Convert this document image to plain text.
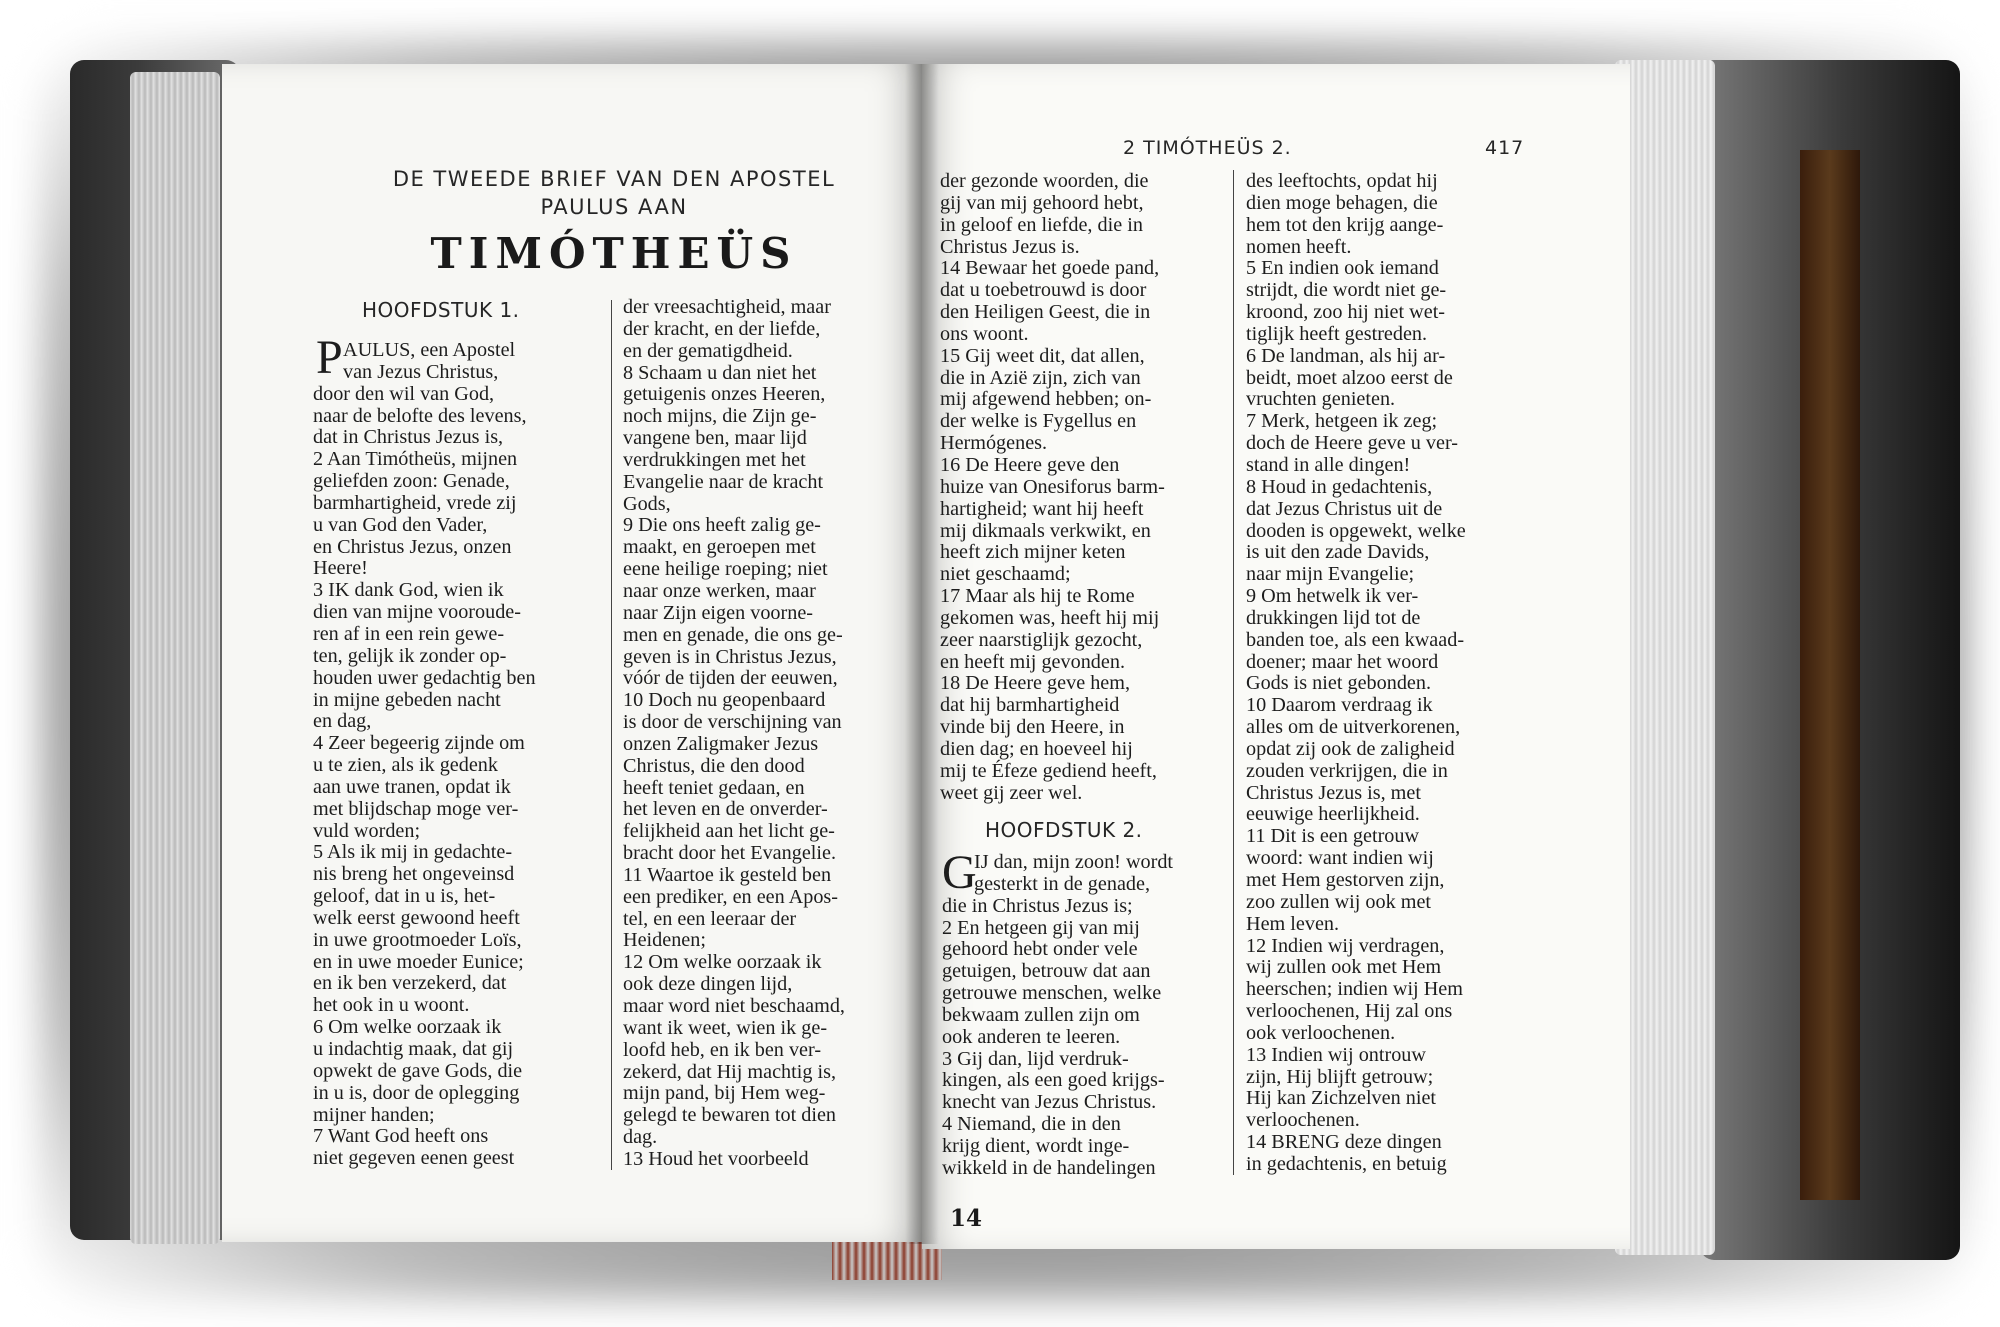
DE TWEEDE BRIEF VAN DEN APOSTEL
PAULUS AAN
TIMÓTHEÜS
HOOFDSTUK 1.
P AULUS, een Apostel
van Jezus Christus,
door den wil van God,
naar de belofte des levens,
dat in Christus Jezus is,
2 Aan Timótheüs, mijnen
geliefden zoon: Genade,
barmhartigheid, vrede zij
u van God den Vader,
en Christus Jezus, onzen
Heere!
3 IK dank God, wien ik
dien van mijne vooroude-
ren af in een rein gewe-
ten, gelijk ik zonder op-
houden uwer gedachtig ben
in mijne gebeden nacht
en dag,
4 Zeer begeerig zijnde om
u te zien, als ik gedenk
aan uwe tranen, opdat ik
met blijdschap moge ver-
vuld worden;
5 Als ik mij in gedachte-
nis breng het ongeveinsd
geloof, dat in u is, het-
welk eerst gewoond heeft
in uwe grootmoeder Loïs,
en in uwe moeder Eunice;
en ik ben verzekerd, dat
het ook in u woont.
6 Om welke oorzaak ik
u indachtig maak, dat gij
opwekt de gave Gods, die
in u is, door de oplegging
mijner handen;
7 Want God heeft ons
niet gegeven eenen geest
der vreesachtigheid, maar
der kracht, en der liefde,
en der gematigdheid.
8 Schaam u dan niet het
getuigenis onzes Heeren,
noch mijns, die Zijn ge-
vangene ben, maar lijd
verdrukkingen met het
Evangelie naar de kracht
Gods,
9 Die ons heeft zalig ge-
maakt, en geroepen met
eene heilige roeping; niet
naar onze werken, maar
naar Zijn eigen voorne-
men en genade, die ons ge-
geven is in Christus Jezus,
vóór de tijden der eeuwen,
10 Doch nu geopenbaard
is door de verschijning van
onzen Zaligmaker Jezus
Christus, die den dood
heeft teniet gedaan, en
het leven en de onverder-
felijkheid aan het licht ge-
bracht door het Evangelie.
11 Waartoe ik gesteld ben
een prediker, en een Apos-
tel, en een leeraar der
Heidenen;
12 Om welke oorzaak ik
ook deze dingen lijd,
maar word niet beschaamd,
want ik weet, wien ik ge-
loofd heb, en ik ben ver-
zekerd, dat Hij machtig is,
mijn pand, bij Hem weg-
gelegd te bewaren tot dien
dag.
13 Houd het voorbeeld
2 TIMÓTHEÜS 2.	417
der gezonde woorden, die
gij van mij gehoord hebt,
in geloof en liefde, die in
Christus Jezus is.
14 Bewaar het goede pand,
dat u toebetrouwd is door
den Heiligen Geest, die in
ons woont.
15 Gij weet dit, dat allen,
die in Azië zijn, zich van
mij afgewend hebben; on-
der welke is Fygellus en
Hermógenes.
16 De Heere geve den
huize van Onesiforus barm-
hartigheid; want hij heeft
mij dikmaals verkwikt, en
heeft zich mijner keten
niet geschaamd;
17 Maar als hij te Rome
gekomen was, heeft hij mij
zeer naarstiglijk gezocht,
en heeft mij gevonden.
18 De Heere geve hem,
dat hij barmhartigheid
vinde bij den Heere, in
dien dag; en hoeveel hij
mij te Éfeze gediend heeft,
weet gij zeer wel.
HOOFDSTUK 2.
G
IJ dan, mijn zoon! wordt
gesterkt in de genade,
die in Christus Jezus is;
2 En hetgeen gij van mij
gehoord hebt onder vele
getuigen, betrouw dat aan
getrouwe menschen, welke
bekwaam zullen zijn om
ook anderen te leeren.
3 Gij dan, lijd verdruk-
kingen, als een goed krijgs-
knecht van Jezus Christus.
4 Niemand, die in den
krijg dient, wordt inge-
wikkeld in de handelingen
des leeftochts, opdat hij
dien moge behagen, die
hem tot den krijg aange-
nomen heeft.
5 En indien ook iemand
strijdt, die wordt niet ge-
kroond, zoo hij niet wet-
tiglijk heeft gestreden.
6 De landman, als hij ar-
beidt, moet alzoo eerst de
vruchten genieten.
7 Merk, hetgeen ik zeg;
doch de Heere geve u ver-
stand in alle dingen!
8 Houd in gedachtenis,
dat Jezus Christus uit de
dooden is opgewekt, welke
is uit den zade Davids,
naar mijn Evangelie;
9 Om hetwelk ik ver-
drukkingen lijd tot de
banden toe, als een kwaad-
doener; maar het woord
Gods is niet gebonden.
10 Daarom verdraag ik
alles om de uitverkorenen,
opdat zij ook de zaligheid
zouden verkrijgen, die in
Christus Jezus is, met
eeuwige heerlijkheid.
11 Dit is een getrouw
woord: want indien wij
met Hem gestorven zijn,
zoo zullen wij ook met
Hem leven.
12 Indien wij verdragen,
wij zullen ook met Hem
heerschen; indien wij Hem
verloochenen, Hij zal ons
ook verloochenen.
13 Indien wij ontrouw
zijn, Hij blijft getrouw;
Hij kan Zichzelven niet
verloochenen.
14 BRENG deze dingen
in gedachtenis, en betuig
14
